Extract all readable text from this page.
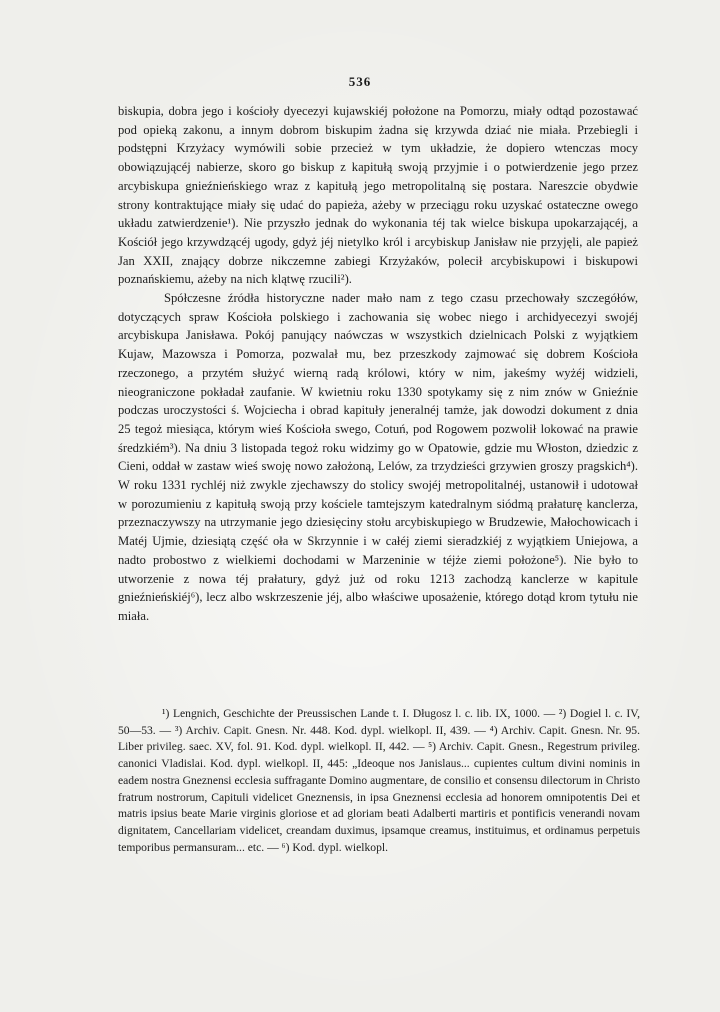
536

biskupia, dobra jego i kościoły dyecezyi kujawskiéj położone na Pomorzu, miały odtąd pozostawać pod opieką zakonu, a innym dobrom biskupim żadna się krzywda dziać nie miała. Przebiegli i podstępni Krzyżacy wymówili sobie przecież w tym układzie, że dopiero wtenczas mocy obowiązującéj nabierze, skoro go biskup z kapitułą swoją przyjmie i o potwierdzenie jego przez arcybiskupa gnieźnieńskiego wraz z kapitułą jego metropolitalną się postara. Nareszcie obydwie strony kontraktujące miały się udać do papieża, ażeby w przeciągu roku uzyskać ostateczne owego układu zatwierdzenie¹). Nie przyszło jednak do wykonania téj tak wielce biskupa upokarzającéj, a Kościół jego krzywdzącéj ugody, gdyż jéj nietylko król i arcybiskup Janisław nie przyjęli, ale papież Jan XXII, znający dobrze nikczemne zabiegi Krzyżaków, polecił arcybiskupowi i biskupowi poznańskiemu, ażeby na nich klątwę rzucili²).

Spółczesne źródła historyczne nader mało nam z tego czasu przechowały szczegółów, dotyczących spraw Kościoła polskiego i zachowania się wobec niego i archidyecezyi swojéj arcybiskupa Janisława. Pokój panujący naówczas w wszystkich dzielnicach Polski z wyjątkiem Kujaw, Mazowsza i Pomorza, pozwalał mu, bez przeszkody zajmować się dobrem Kościoła rzeczonego, a przytém służyć wierną radą królowi, który w nim, jakeśmy wyżéj widzieli, nieograniczone pokładał zaufanie. W kwietniu roku 1330 spotykamy się z nim znów w Gnieźnie podczas uroczystości ś. Wojciecha i obrad kapituły jeneralnéj tamże, jak dowodzi dokument z dnia 25 tegoż miesiąca, którym wieś Kościoła swego, Cotuń, pod Rogowem pozwolił lokować na prawie średzkiém³). Na dniu 3 listopada tegoż roku widzimy go w Opatowie, gdzie mu Włoston, dziedzic z Cieni, oddał w zastaw wieś swoję nowo założoną, Lelów, za trzydzieści grzywien groszy pragskich⁴). W roku 1331 rychléj niż zwykle zjechawszy do stolicy swojéj metropolitalnéj, ustanowił i udotował w porozumieniu z kapitułą swoją przy kościele tamtejszym katedralnym siódmą prałaturę kanclerza, przeznaczywszy na utrzymanie jego dziesięciny stołu arcybiskupiego w Brudzewie, Małochowicach i Matéj Ujmie, dziesiątą część oła w Skrzynnie i w całéj ziemi sieradzkiéj z wyjątkiem Uniejowa, a nadto probostwo z wielkiemi dochodami w Marzeninie w téjże ziemi położone⁵). Nie było to utworzenie z nowa téj prałatury, gdyż już od roku 1213 zachodzą kanclerze w kapitule gnieźnieńskiéj⁶), lecz albo wskrzeszenie jéj, albo właściwe uposażenie, którego dotąd krom tytułu nie miała.

¹) Lengnich, Geschichte der Preussischen Lande t. I. Długosz l. c. lib. IX, 1000. — ²) Dogiel l. c. IV, 50—53. — ³) Archiv. Capit. Gnesn. Nr. 448. Kod. dypl. wielkopl. II, 439. — ⁴) Archiv. Capit. Gnesn. Nr. 95. Liber privileg. saec. XV, fol. 91. Kod. dypl. wielkopl. II, 442. — ⁵) Archiv. Capit. Gnesn., Regestrum privileg. canonici Vladislai. Kod. dypl. wielkopl. II, 445: „Ideoque nos Janislaus... cupientes cultum divini nominis in eadem nostra Gneznensi ecclesia suffragante Domino augmentare, de consilio et consensu dilectorum in Christo fratrum nostrorum, Capituli videlicet Gneznensis, in ipsa Gneznensi ecclesia ad honorem omnipotentis Dei et matris ipsius beate Marie virginis gloriose et ad gloriam beati Adalberti martiris et pontificis venerandi novam dignitatem, Cancellariam videlicet, creandam duximus, ipsamque creamus, instituimus, et ordinamus perpetuis temporibus permansuram... etc. — ⁶) Kod. dypl. wielkopl.
